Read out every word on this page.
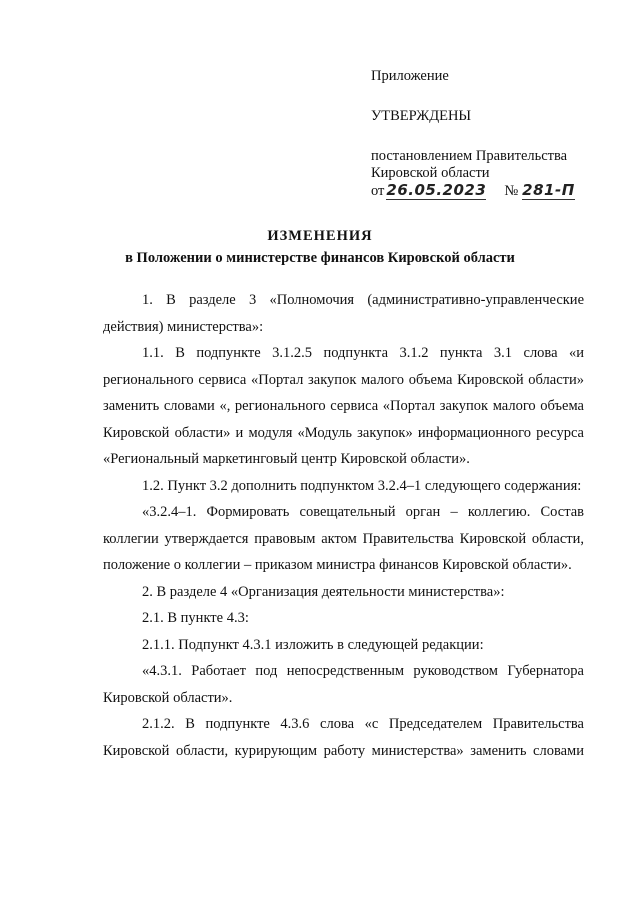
Приложение
УТВЕРЖДЕНЫ
постановлением Правительства
Кировской области
от 26.05.2023 № 281-П
ИЗМЕНЕНИЯ
в Положении о министерстве финансов Кировской области

1. В разделе 3 «Полномочия (административно-управленческие действия) министерства»:

1.1. В подпункте 3.1.2.5 подпункта 3.1.2 пункта 3.1 слова «и регионального сервиса «Портал закупок малого объема Кировской области» заменить словами «, регионального сервиса «Портал закупок малого объема Кировской области» и модуля «Модуль закупок» информационного ресурса «Региональный маркетинговый центр Кировской области».

1.2. Пункт 3.2 дополнить подпунктом 3.2.4–1 следующего содержания:

«3.2.4–1. Формировать совещательный орган – коллегию. Состав коллегии утверждается правовым актом Правительства Кировской области, положение о коллегии – приказом министра финансов Кировской области».

2. В разделе 4 «Организация деятельности министерства»:

2.1. В пункте 4.3:

2.1.1. Подпункт 4.3.1 изложить в следующей редакции:

«4.3.1. Работает под непосредственным руководством Губернатора Кировской области».

2.1.2. В подпункте 4.3.6 слова «с Председателем Правительства Кировской области, курирующим работу министерства» заменить словами
